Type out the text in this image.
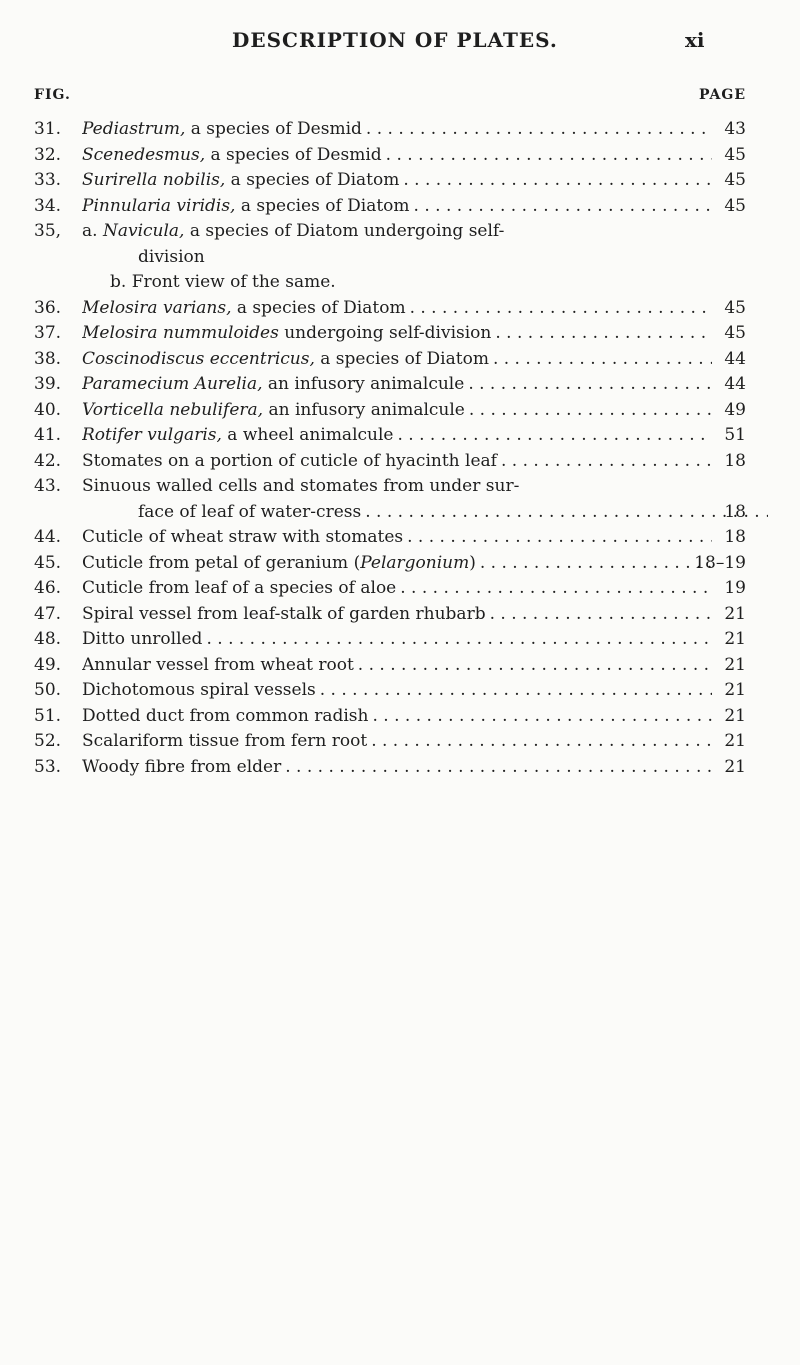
DESCRIPTION OF PLATES.	xi
FIG.	PAGE
31.	Pediastrum, a species of Desmid . . .	43
32.	Scenedesmus, a species of Desmid . . .	45
33.	Surirella nobilis, a species of Diatom . . .	45
34.	Pinnularia viridis, a species of Diatom . . .	45
35,	a. Navicula, a species of Diatom undergoing self-
division
b. Front view of the same.
36.	Melosira varians, a species of Diatom . . .	45
37.	Melosira nummuloides undergoing self-division . . .	45
38.	Coscinodiscus eccentricus, a species of Diatom . . .	44
39.	Paramecium Aurelia, an infusory animalcule . . .	44
40.	Vorticella nebulifera, an infusory animalcule . . .	49
41.	Rotifer vulgaris, a wheel animalcule . . .	51
42.	Stomates on a portion of cuticle of hyacinth leaf . . .	18
43.	Sinuous walled cells and stomates from under sur-
face of leaf of water-cress . . .	18
44.	Cuticle of wheat straw with stomates . . .	18
45.	Cuticle from petal of geranium (Pelargonium) . . .	18–19
46.	Cuticle from leaf of a species of aloe . . .	19
47.	Spiral vessel from leaf-stalk of garden rhubarb . . .	21
48.	Ditto unrolled . . .	21
49.	Annular vessel from wheat root . . .	21
50.	Dichotomous spiral vessels . . .	21
51.	Dotted duct from common radish . . .	21
52.	Scalariform tissue from fern root . . .	21
53.	Woody fibre from elder . . .	21
